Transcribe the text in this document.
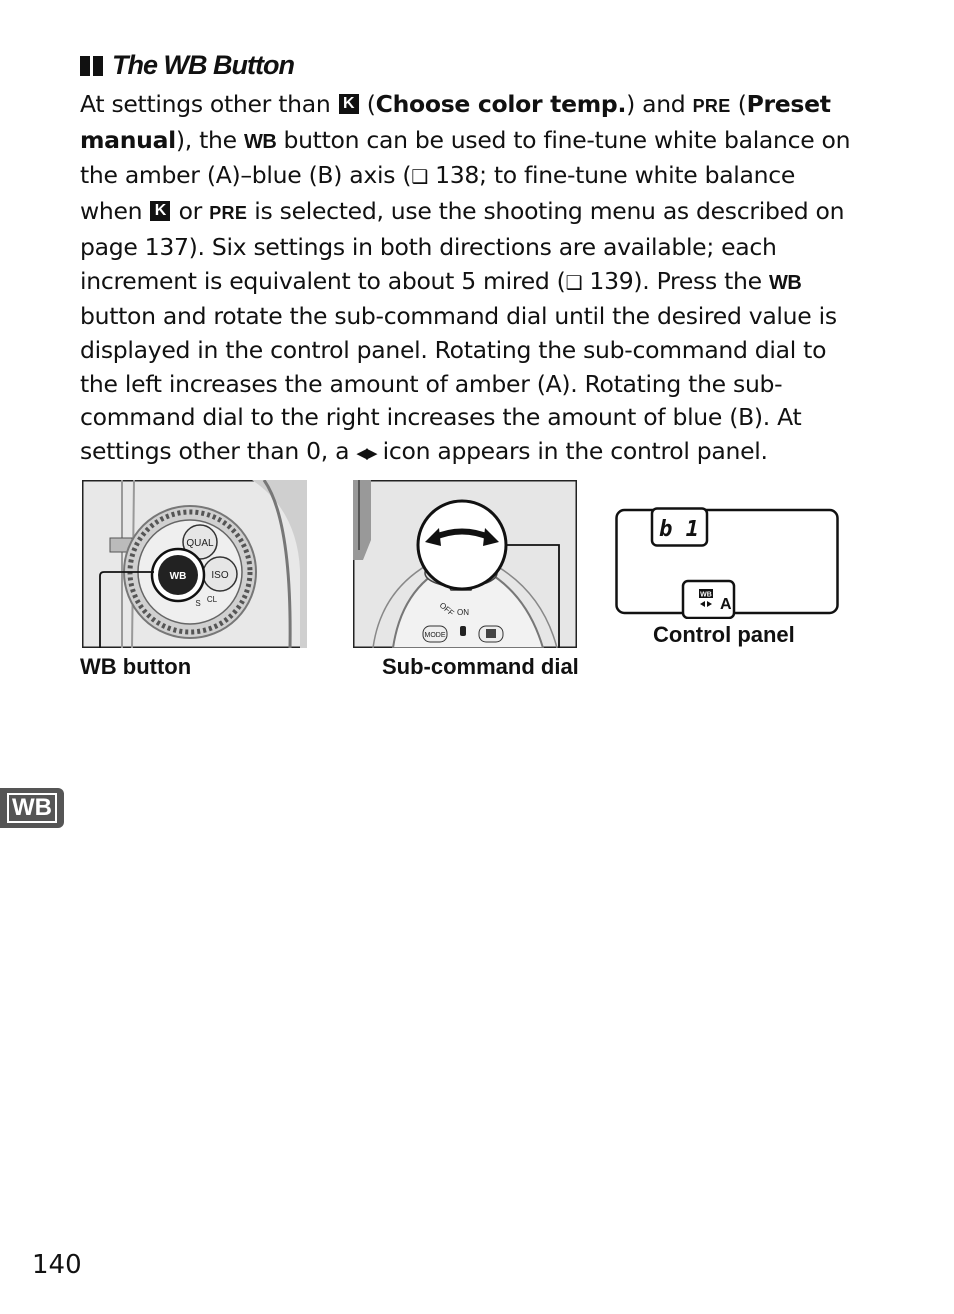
The WB Button
At settings other than K (Choose color temp.) and PRE (Preset
manual), the WB button can be used to fine-tune white balance on
the amber (A)–blue (B) axis (❑ 138; to fine-tune white balance
when K or PRE is selected, use the shooting menu as described on
page 137). Six settings in both directions are available; each
increment is equivalent to about 5 mired (❑ 139). Press the WB
button and rotate the sub-command dial until the desired value is
displayed in the control panel. Rotating the sub-command dial to
the left increases the amount of amber (A). Rotating the sub-
command dial to the right increases the amount of blue (B). At
settings other than 0, a ◀▶ icon appears in the control panel.
QUAL
ISO
WB
S CL
OFF ON
MODE
b 1
WB
A
WB button	Sub-command dial
Control panel
WB
140
